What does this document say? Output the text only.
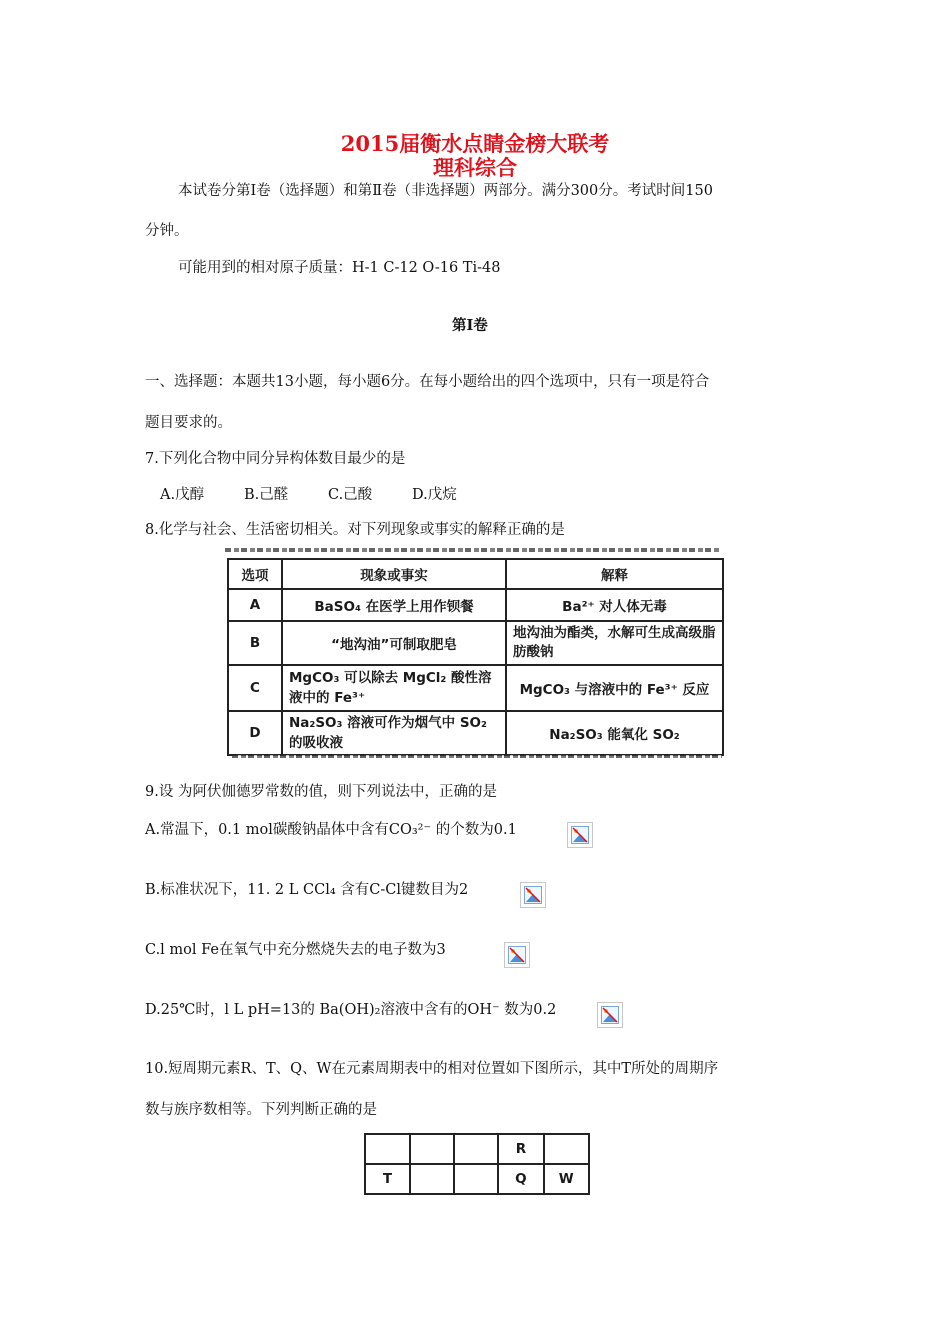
2015届衡水点睛金榜大联考
理科综合
本试卷分第Ⅰ卷（选择题）和第Ⅱ卷（非选择题）两部分。满分300分。考试时间150
分钟。
可能用到的相对原子质量：H-1 C-12 O-16 Ti-48
第Ⅰ卷
一、选择题：本题共13小题，每小题6分。在每小题给出的四个选项中，只有一项是符合
题目要求的。
7.下列化合物中同分异构体数目最少的是
A.戊醇	B.己醛	C.己酸	D.戊烷
8.化学与社会、生活密切相关。对下列现象或事实的解释正确的是
选项	现象或事实	解释
A	BaSO₄ 在医学上用作钡餐	Ba²⁺ 对人体无毒
B	“地沟油”可制取肥皂	地沟油为酯类，水解可生成高级脂肪酸钠
C	MgCO₃ 可以除去 MgCl₂ 酸性溶液中的 Fe³⁺	MgCO₃ 与溶液中的 Fe³⁺ 反应
D	Na₂SO₃ 溶液可作为烟气中 SO₂ 的吸收液	Na₂SO₃ 能氧化 SO₂
9.设 为阿伏伽德罗常数的值，则下列说法中，正确的是
A.常温下，0.1 mol碳酸钠晶体中含有CO₃²⁻ 的个数为0.1
B.标准状况下，11. 2 L CCl₄ 含有C-Cl键数目为2
C.l mol Fe在氧气中充分燃烧失去的电子数为3
D.25℃时，l L pH=13的 Ba(OH)₂溶液中含有的OH⁻ 数为0.2
10.短周期元素R、T、Q、W在元素周期表中的相对位置如下图所示，其中T所处的周期序
数与族序数相等。下列判断正确的是
			R	
T			Q	W
